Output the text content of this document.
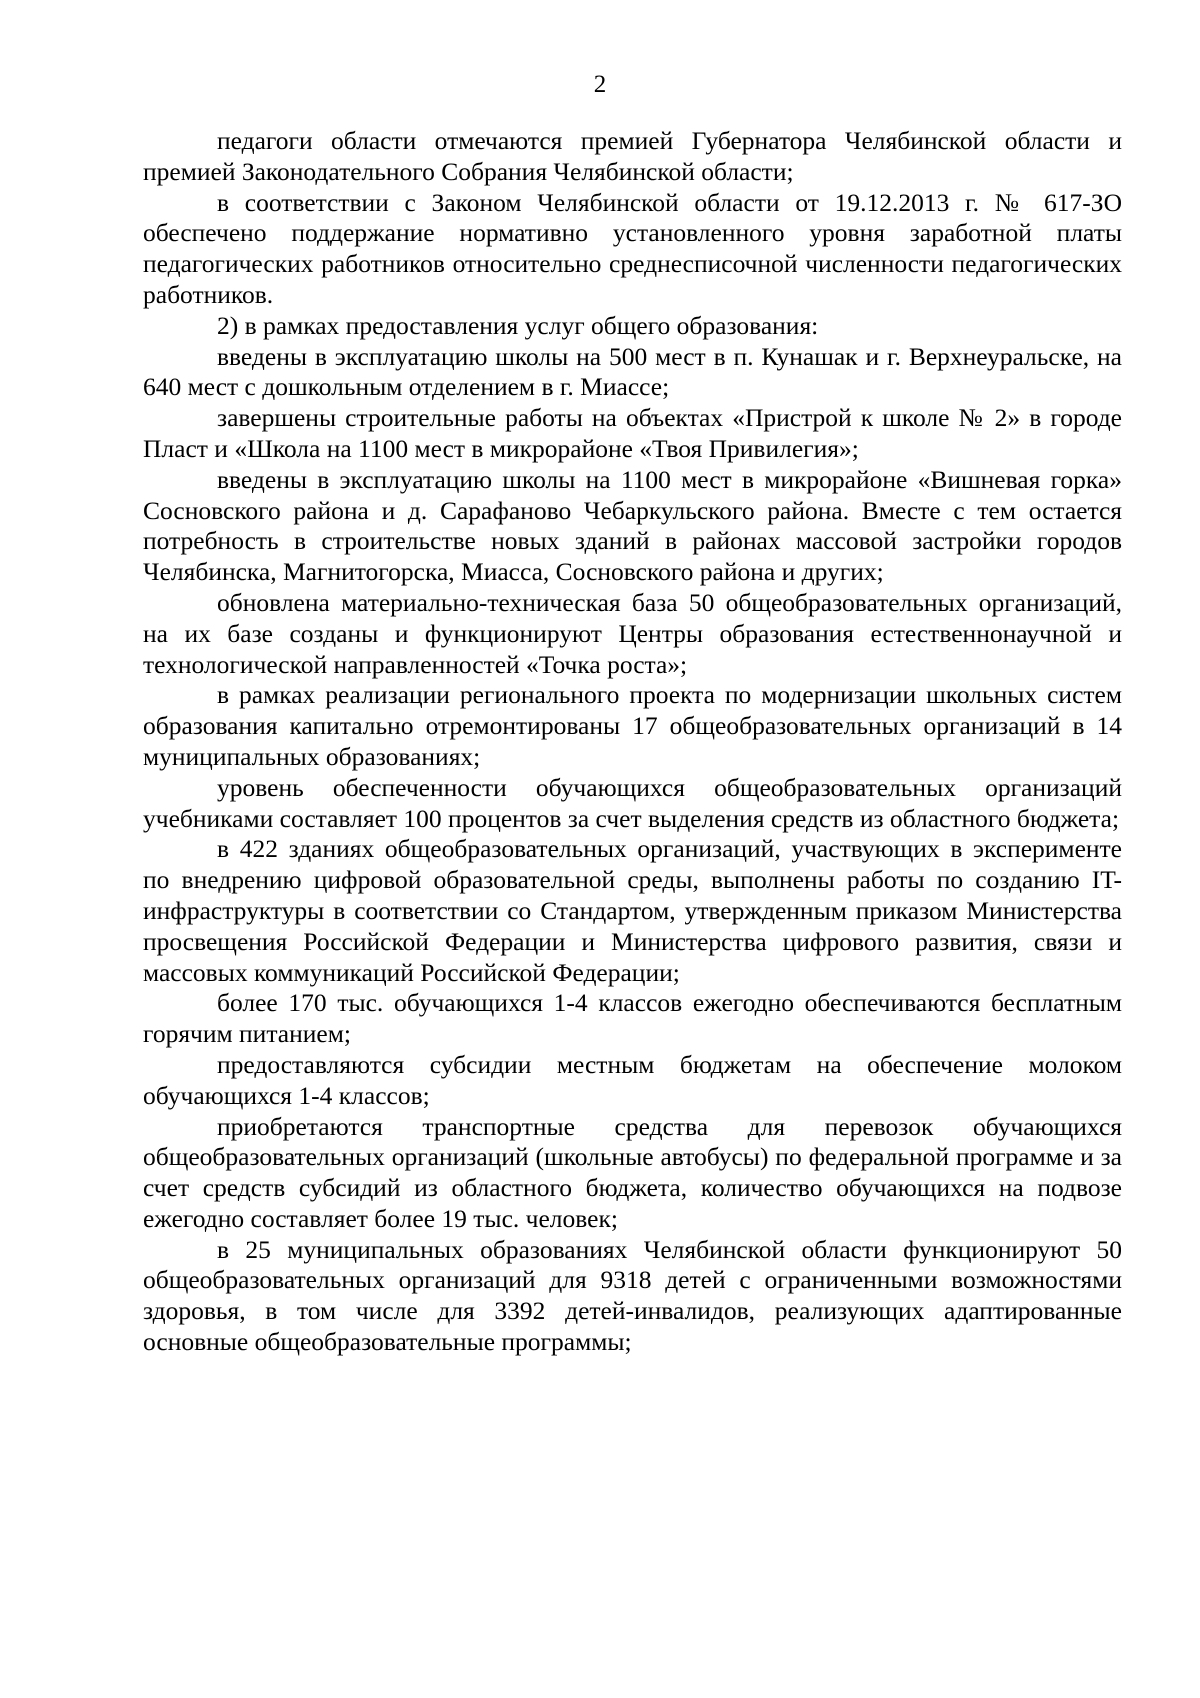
2

педагоги области отмечаются премией Губернатора Челябинской области и премией Законодательного Собрания Челябинской области;

в соответствии с Законом Челябинской области от 19.12.2013 г. № 617-ЗО обеспечено поддержание нормативно установленного уровня заработной платы педагогических работников относительно среднесписочной численности педагогических работников.

2) в рамках предоставления услуг общего образования:

введены в эксплуатацию школы на 500 мест в п. Кунашак и г. Верхнеуральске, на 640 мест с дошкольным отделением в г. Миассе;

завершены строительные работы на объектах «Пристрой к школе № 2» в городе Пласт и «Школа на 1100 мест в микрорайоне «Твоя Привилегия»;

введены в эксплуатацию школы на 1100 мест в микрорайоне «Вишневая горка» Сосновского района и д. Сарафаново Чебаркульского района. Вместе с тем остается потребность в строительстве новых зданий в районах массовой застройки городов Челябинска, Магнитогорска, Миасса, Сосновского района и других;

обновлена материально-техническая база 50 общеобразовательных организаций, на их базе созданы и функционируют Центры образования естественнонаучной и технологической направленностей «Точка роста»;

в рамках реализации регионального проекта по модернизации школьных систем образования капитально отремонтированы 17 общеобразовательных организаций в 14 муниципальных образованиях;

уровень обеспеченности обучающихся общеобразовательных организаций учебниками составляет 100 процентов за счет выделения средств из областного бюджета;

в 422 зданиях общеобразовательных организаций, участвующих в эксперименте по внедрению цифровой образовательной среды, выполнены работы по созданию IT-инфраструктуры в соответствии со Стандартом, утвержденным приказом Министерства просвещения Российской Федерации и Министерства цифрового развития, связи и массовых коммуникаций Российской Федерации;

более 170 тыс. обучающихся 1-4 классов ежегодно обеспечиваются бесплатным горячим питанием;

предоставляются субсидии местным бюджетам на обеспечение молоком обучающихся 1-4 классов;

приобретаются транспортные средства для перевозок обучающихся общеобразовательных организаций (школьные автобусы) по федеральной программе и за счет средств субсидий из областного бюджета, количество обучающихся на подвозе ежегодно составляет более 19 тыс. человек;

в 25 муниципальных образованиях Челябинской области функционируют 50 общеобразовательных организаций для 9318 детей с ограниченными возможностями здоровья, в том числе для 3392 детей-инвалидов, реализующих адаптированные основные общеобразовательные программы;
